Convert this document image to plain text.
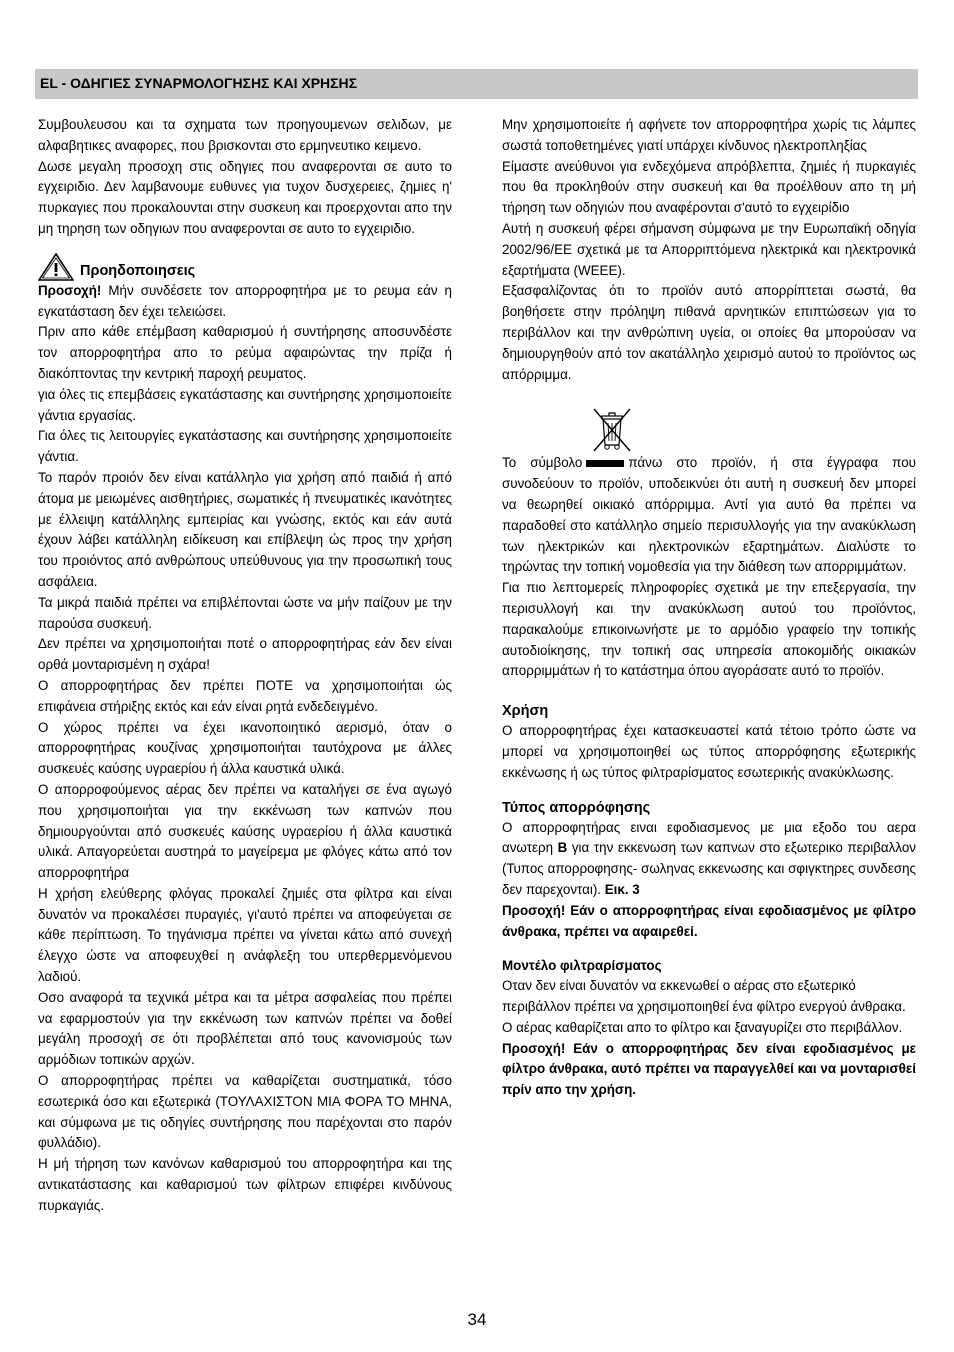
EL - ΟΔΗΓΙΕΣ ΣΥΝΑΡΜΟΛΟΓΗΣΗΣ ΚΑΙ ΧΡΗΣΗΣ

Συμβουλευσου και τα σχηματα των προηγουμενων σελιδων, με αλφαβητικες αναφορες, που βρισκονται στο ερμηνευτικο κειμενο.

Δωσε μεγαλη προσοχη στις οδηγιες που αναφερονται σε αυτο το εγχειριδιο. Δεν λαμβανουμε ευθυνες για τυχον δυσχερειες, ζημιες η' πυρκαγιες που προκαλουνται στην συσκευη και προερχονται απο την μη τηρηση των οδηγιων που αναφερονται σε αυτο το εγχειριδιο.

Προηδοποιησεις

Προσοχή! Μήν συνδέσετε τον απορροφητήρα με το ρευμα εάν η εγκατάσταση δεν έχει τελειώσει.

Πριν απο κάθε επέμβαση καθαρισμού ή συντήρησης αποσυνδέστε τον απορροφητήρα απο το ρεύμα αφαιρώντας την πρίζα ή διακόπτοντας την κεντρική παροχή ρευματος.

για όλες τις επεμβάσεις εγκατάστασης και συντήρησης χρησιμοποιείτε γάντια εργασίας.

Για όλες τις λειτουργίες εγκατάστασης και συντήρησης χρησιμοποιείτε γάντια.

Το παρόν προιόν δεν είναι κατάλληλο για χρήση από παιδιά ή από άτομα με μειωμένες αισθητήριες, σωματικές ή πνευματικές ικανότητες με έλλειψη κατάλληλης εμπειρίας και γνώσης, εκτός και εάν αυτά έχουν λάβει κατάλληλη ειδίκευση και επίβλεψη ώς προς την χρήση του προιόντος από ανθρώπους υπεύθυνους για την προσωπική τους ασφάλεια.

Τα μικρά παιδιά πρέπει να επιβλέπονται ώστε να μήν παίζουν με την παρούσα συσκευή.

Δεν πρέπει να χρησιμοποιήται ποτέ ο απορροφητήρας εάν δεν είναι ορθά μονταρισμένη η σχάρα!

Ο απορροφητήρας δεν πρέπει ΠΟΤΕ να χρησιμοποιήται ώς επιφάνεια στήριξης εκτός και εάν είναι ρητά ενδεδειγμένο.

Ο χώρος πρέπει να έχει ικανοποιητικό αερισμό, όταν ο απορροφητήρας κουζίνας χρησιμοποιήται ταυτόχρονα με άλλες συσκευές καύσης υγραερίου ή άλλα καυστικά υλικά.

Ο απορροφούμενος αέρας δεν πρέπει να καταλήγει σε ένα αγωγό που χρησιμοποιήται για την εκκένωση των καπνών που δημιουργούνται από συσκευές καύσης υγραερίου ή άλλα καυστικά υλικά. Απαγορεύεται αυστηρά το μαγείρεμα με φλόγες κάτω από τον απορροφητήρα

Η χρήση ελεύθερης φλόγας προκαλεί ζημιές στα φίλτρα και είναι δυνατόν να προκαλέσει πυραγιές, γι'αυτό πρέπει να αποφεύγεται σε κάθε περίπτωση. Το τηγάνισμα πρέπει να γίνεται κάτω από συνεχή έλεγχο ώστε να αποφευχθεί η ανάφλεξη του υπερθερμενόμενου λαδιού.

Οσο αναφορά τα τεχνικά μέτρα και τα μέτρα ασφαλείας που πρέπει να εφαρμοστούν για την εκκένωση των καπνών πρέπει να δοθεί μεγάλη προσοχή σε ότι προβλέπεται από τους κανονισμούς των αρμόδιων τοπικών αρχών.

Ο απορροφητήρας πρέπει να καθαρίζεται συστηματικά, τόσο εσωτερικά όσο και εξωτερικά (ΤΟΥΛΑΧΙΣΤΟΝ ΜΙΑ ΦΟΡΑ ΤΟ ΜΗΝΑ, και σύμφωνα με τις οδηγίες συντήρησης που παρέχονται στο παρόν φυλλάδιο).

Η μή τήρηση των κανόνων καθαρισμού του απορροφητήρα και της αντικατάστασης και καθαρισμού των φίλτρων επιφέρει κινδύνους πυρκαγιάς.

Μην χρησιμοποιείτε ή αφήνετε τον απορροφητήρα χωρίς τις λάμπες σωστά τοποθετημένες γιατί υπάρχει κίνδυνος ηλεκτροπληξίας

Είμαστε ανεύθυνοι για ενδεχόμενα απρόβλεπτα, ζημιές ή πυρκαγιές που θα προκληθούν στην συσκευή και θα προέλθουν απο τη μή τήρηση των οδηγιών που αναφέρονται σ'αυτό το εγχειρίδιο

Αυτή η συσκευή φέρει σήμανση σύμφωνα με την Ευρωπαϊκή οδηγία 2002/96/ΕΕ σχετικά με τα Απορριπτόμενα ηλεκτρικά και ηλεκτρονικά εξαρτήματα (WEEE).

Εξασφαλίζοντας ότι το προϊόν αυτό απορρίπτεται σωστά, θα βοηθήσετε στην πρόληψη πιθανά αρνητικών επιπτώσεων για το περιβάλλον και την ανθρώπινη υγεία, οι οποίες θα μπορούσαν να δημιουργηθούν από τον ακατάλληλο χειρισμό αυτού το προϊόντος ως απόρριμμα.

Το σύμβολο	πάνω στο προϊόν, ή στα έγγραφα που συνοδεύουν το προϊόν, υποδεικνύει ότι αυτή η συσκευή δεν μπορεί να θεωρηθεί οικιακό απόρριμμα. Αντί για αυτό θα πρέπει να παραδοθεί στο κατάλληλο σημείο περισυλλογής για την ανακύκλωση των ηλεκτρικών και ηλεκτρονικών εξαρτημάτων. Διαλύστε το τηρώντας την τοπική νομοθεσία για την διάθεση των απορριμμάτων.

Για πιο λεπτομερείς πληροφορίες σχετικά με την επεξεργασία, την περισυλλογή και την ανακύκλωση αυτού του προϊόντος, παρακαλούμε επικοινωνήστε με το αρμόδιο γραφείο την τοπικής αυτοδιοίκησης, την τοπική σας υπηρεσία αποκομιδής οικιακών απορριμμάτων ή το κατάστημα όπου αγοράσατε αυτό το προϊόν.

Χρήση

Ο απορροφητήρας έχει κατασκευαστεί κατά τέτοιο τρόπο ώστε να μπορεί να χρησιμοποιηθεί ως τύπος απορρόφησης εξωτερικής εκκένωσης ή ως τύπος φιλτραρίσματος εσωτερικής ανακύκλωσης.

Τύπος απορρόφησης

Ο απορροφητήρας ειναι εφοδιασμενος με μια εξοδο του αερα ανωτερη Β για την εκκενωση των καπνων στο εξωτερικο περιβαλλον (Τυπος απορροφησης- σωληνας εκκενωσης και σφιγκτηρες συνδεσης δεν παρεχονται). Εικ. 3

Προσοχή! Εάν ο απορροφητήρας είναι εφοδιασμένος με φίλτρο άνθρακα, πρέπει να αφαιρεθεί.

Μοντέλο φιλτραρίσματος

Οταν δεν είναι δυνατόν να εκκενωθεί ο αέρας στο εξωτερικό περιβάλλον πρέπει να χρησιμοποιηθεί ένα φίλτρο ενεργού άνθρακα.

Ο αέρας καθαρίζεται απο το φίλτρο και ξαναγυρίζει στο περιβάλλον.

Προσοχή! Εάν ο απορροφητήρας δεν είναι εφοδιασμένος με φίλτρο άνθρακα, αυτό πρέπει να παραγγελθεί και να μονταρισθεί πρίν απο την χρήση.

34
